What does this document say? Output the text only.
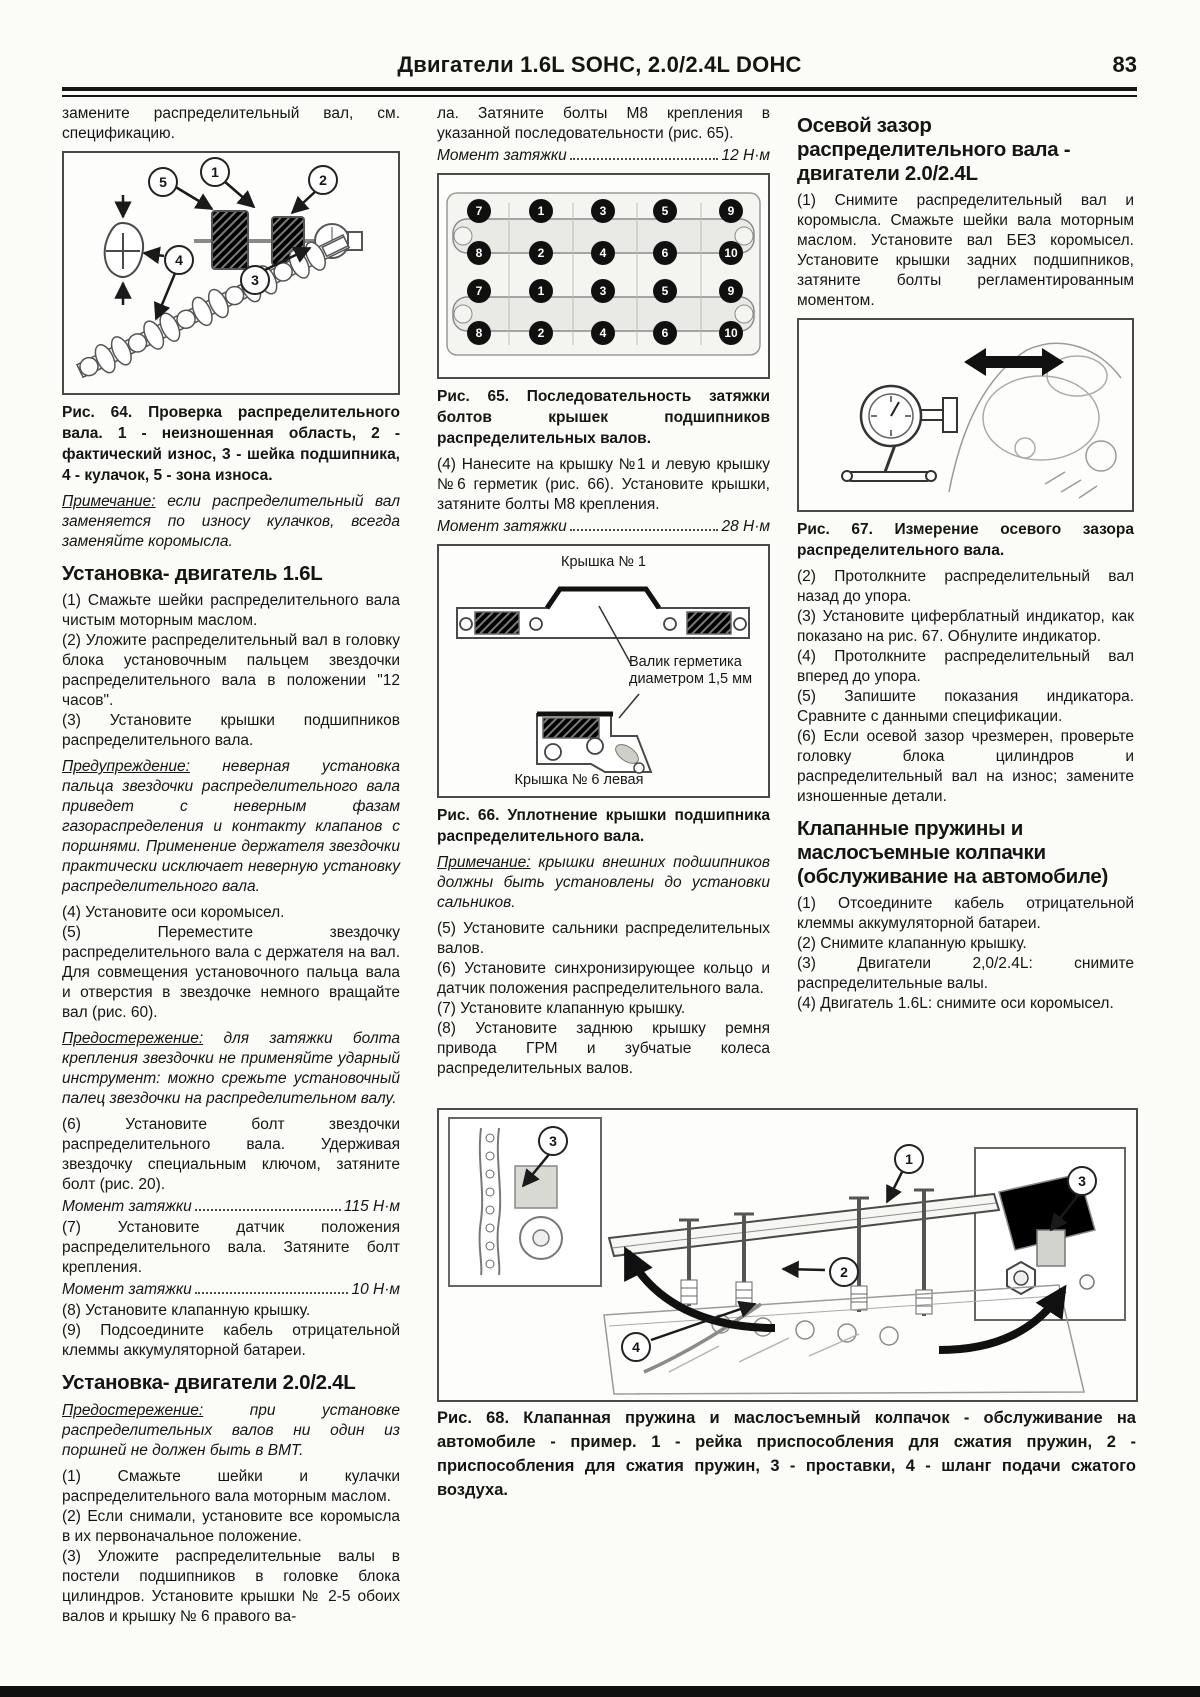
Двигатели 1.6L SOHC, 2.0/2.4L DOHC	83

замените распределительный вал, см. спецификацию.

1
5	2
4
3

Рис. 64. Проверка распределительного вала. 1 - неизношенная область, 2 - фактический износ, 3 - шейка подшипника, 4 - кулачок, 5 - зона износа.

Примечание: если распределительный вал заменяется по износу кулачков, всегда заменяйте коромысла.

Установка- двигатель 1.6L

(1) Смажьте шейки распределительного вала чистым моторным маслом.

(2) Уложите распределительный вал в головку блока установочным пальцем звездочки распределительного вала в положении "12 часов".

(3) Установите крышки подшипников распределительного вала.

Предупреждение: неверная установка пальца звездочки распределительного вала приведет с неверным фазам газораспределения и контакту клапанов с поршнями. Применение держателя звездочки практически исключает неверную установку распределительного вала.

(4) Установите оси коромысел.

(5) Переместите звездочку распределительного вала с держателя на вал. Для совмещения установочного пальца вала и отверстия в звездочке немного вращайте вал (рис. 60).

Предостережение: для затяжки болта крепления звездочки не применяйте ударный инструмент: можно срежьте установочный палец звездочки на распределительном валу.

(6) Установите болт звездочки распределительного вала. Удерживая звездочку специальным ключом, затяните болт (рис. 20).

Момент затяжки	115 Н·м

(7) Установите датчик положения распределительного вала. Затяните болт крепления.

Момент затяжки	10 Н·м

(8) Установите клапанную крышку.

(9) Подсоедините кабель отрицательной клеммы аккумуляторной батареи.

Установка- двигатели 2.0/2.4L

Предостережение:	при установке распределительных валов ни один из поршней не должен быть в ВМТ.

(1) Смажьте шейки и кулачки распределительного вала моторным маслом.

(2) Если снимали, установите все коромысла в их первоначальное положение.

(3) Уложите распределительные валы в постели подшипников в головке блока цилиндров. Установите крышки № 2-5 обоих валов и крышку № 6 правого ва-

ла. Затяните болты М8 крепления в указанной последовательности (рис. 65).

Момент затяжки	12 Н·м
7	1	3	5	9
8	2	4	6	10
7	1	3	5	9
8	2	4	6	10

Рис. 65. Последовательность затяжки болтов крышек подшипников распределительных валов.

(4) Нанесите на крышку №1 и левую крышку №6 герметик (рис. 66). Установите крышки, затяните болты М8 крепления.

Момент затяжки	28 Н·м
Крышка № 1
Валик герметика диаметром 1,5 мм
Крышка № 6 левая

Рис. 66. Уплотнение крышки подшипника распределительного вала.

Примечание: крышки внешних подшипников должны быть установлены до установки сальников.

(5) Установите сальники распределительных валов.

(6) Установите синхронизирующее кольцо и датчик положения распределительного вала.

(7) Установите клапанную крышку.

(8) Установите заднюю крышку ремня привода ГРМ и зубчатые колеса распределительных валов.

Осевой зазор распределительного вала - двигатели 2.0/2.4L

(1) Снимите распределительный вал и коромысла. Смажьте шейки вала моторным маслом. Установите вал БЕЗ коромысел. Установите крышки задних подшипников, затяните болты регламентированным моментом.

Рис. 67. Измерение осевого зазора распределительного вала.

(2) Протолкните распределительный вал назад до упора.

(3) Установите циферблатный индикатор, как показано на рис. 67. Обнулите индикатор.

(4) Протолкните распределительный вал вперед до упора.

(5) Запишите показания индикатора. Сравните с данными спецификации.

(6) Если осевой зазор чрезмерен, проверьте головку блока цилиндров и распределительный вал на износ; замените изношенные детали.

Клапанные пружины и маслосъемные колпачки (обслуживание на автомобиле)

(1) Отсоедините кабель отрицательной клеммы аккумуляторной батареи.

(2) Снимите клапанную крышку.

(3) Двигатели 2,0/2.4L: снимите распределительные валы.

(4) Двигатель 1.6L: снимите оси коромысел.

1
2
3
3
4

Рис. 68. Клапанная пружина и маслосъемный колпачок - обслуживание на автомобиле - пример. 1 - рейка приспособления для сжатия пружин, 2 - приспособления для сжатия пружин, 3 - проставки, 4 - шланг подачи сжатого воздуха.
